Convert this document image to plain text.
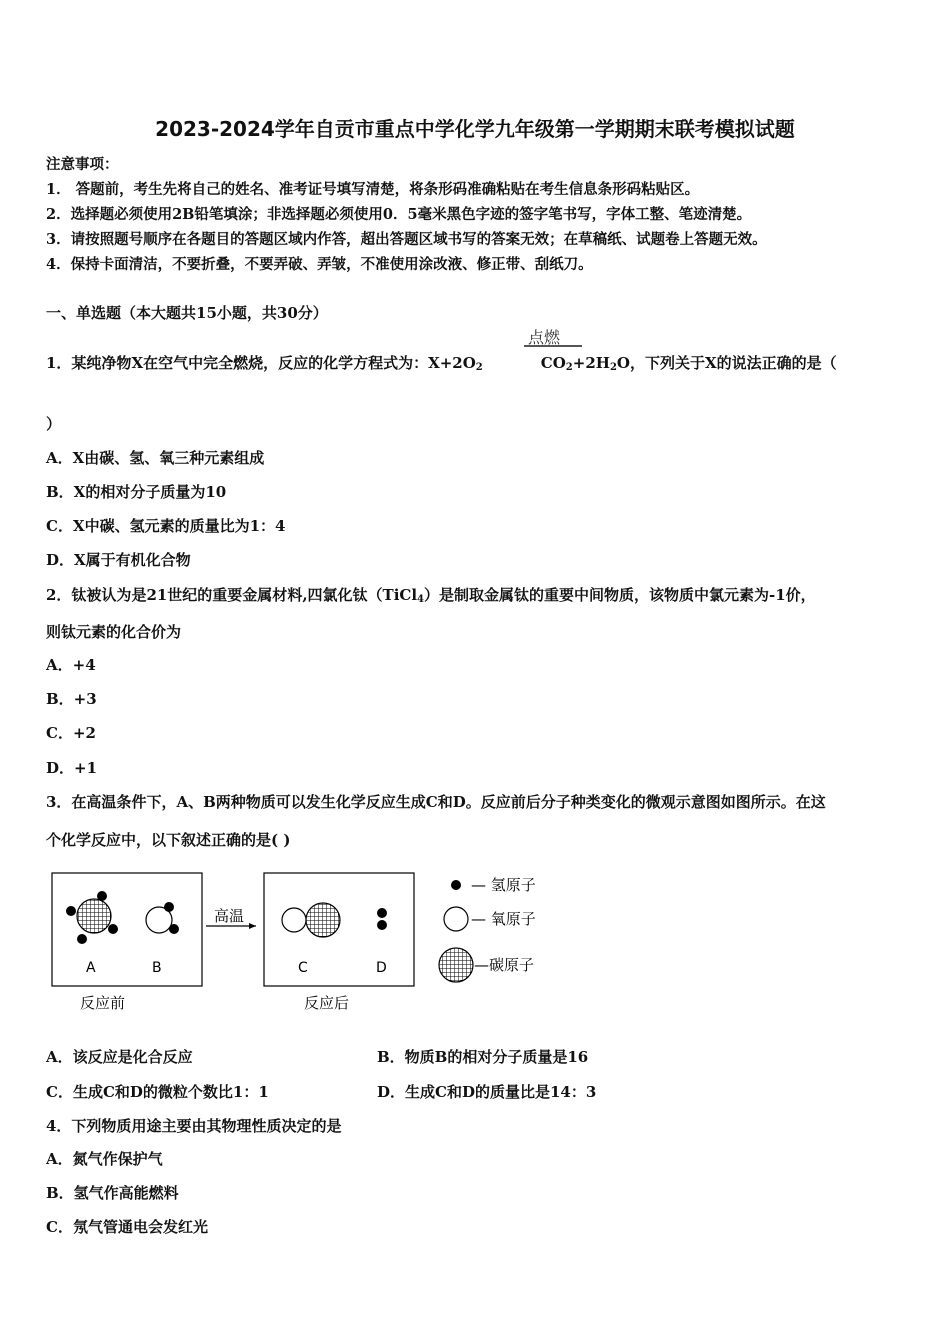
2023-2024学年自贡市重点中学化学九年级第一学期期末联考模拟试题
注意事项：
1． 答题前，考生先将自己的姓名、准考证号填写清楚，将条形码准确粘贴在考生信息条形码粘贴区。
2．选择题必须使用2B铅笔填涂；非选择题必须使用0．5毫米黑色字迹的签字笔书写，字体工整、笔迹清楚。
3．请按照题号顺序在各题目的答题区域内作答，超出答题区域书写的答案无效；在草稿纸、试题卷上答题无效。
4．保持卡面清洁，不要折叠，不要弄破、弄皱，不准使用涂改液、修正带、刮纸刀。
一、单选题（本大题共15小题，共30分）
点燃
1．某纯净物X在空气中完全燃烧，反应的化学方程式为：$X+2O_2$	$CO_2+2H_2O$，下列关于X的说法正确的是（
）
A．X由碳、氢、氧三种元素组成
B．X的相对分子质量为10
C．X中碳、氢元素的质量比为1：4
D．X属于有机化合物
2．钛被认为是21世纪的重要金属材料,四氯化钛（TiCl$_4$）是制取金属钛的重要中间物质，该物质中氯元素为-1价，
则钛元素的化合价为
A．+4
B．+3
C．+2
D．+1
3．在高温条件下，A、B两种物质可以发生化学反应生成C和D。反应前后分子种类变化的微观示意图如图所示。在这
个化学反应中，以下叙述正确的是( )
A	B
反应前
高温
C	D
反应后
— 氢原子
— 氧原子
—碳原子
A．该反应是化合反应	B．物质B的相对分子质量是16
C．生成C和D的微粒个数比1：1	D．生成C和D的质量比是14：3
4．下列物质用途主要由其物理性质决定的是
A．氮气作保护气
B．氢气作高能燃料
C．氖气管通电会发红光
